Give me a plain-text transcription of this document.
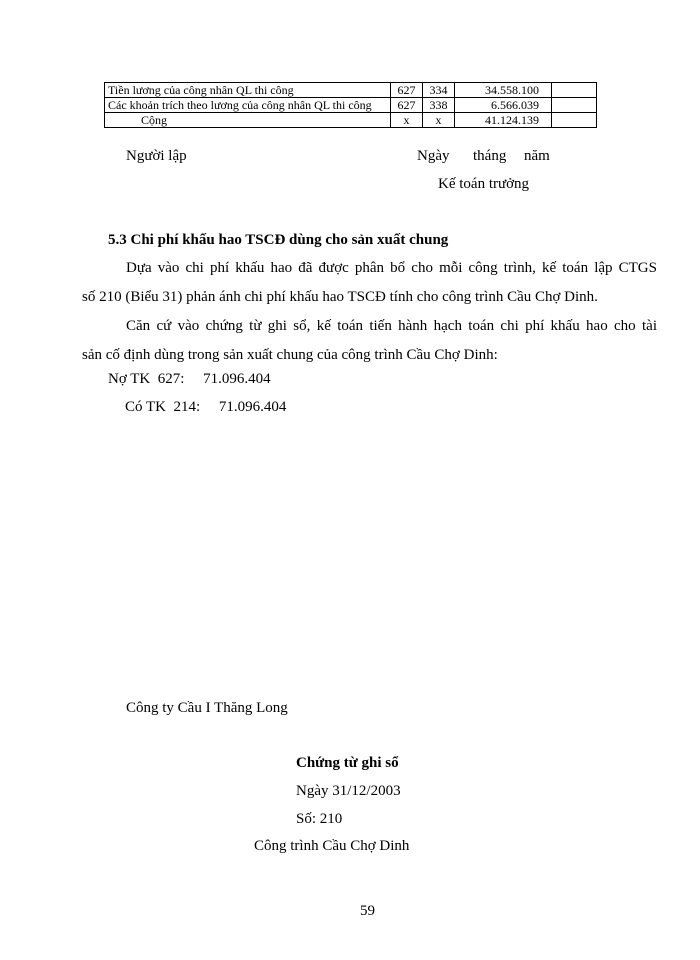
Tiền lương của công nhân QL thi công	627	334	34.558.100	

Các khoản trích theo lương của công nhân QL thi công	627	338	6.566.039	
Cộng	x	x	41.124.139	
Người lập	Ngày tháng năm
Kế toán trưởng
5.3 Chi phí khấu hao TSCĐ dùng cho sản xuất chung
Dựa vào chi phí khấu hao đã được phân bổ cho mỗi công trình, kế toán lập CTGS
số 210 (Biểu 31) phản ánh chi phí khấu hao TSCĐ tính cho công trình Cầu Chợ Dinh.
Căn cứ vào chứng từ ghi sổ, kế toán tiến hành hạch toán chi phí khấu hao cho tài
sản cố định dùng trong sản xuất chung của công trình Cầu Chợ Dinh:
Nợ TK  627:     71.096.404
Có TK  214:     71.096.404
Công ty Cầu I Thăng Long
Chứng từ ghi sổ
Ngày 31/12/2003
Số: 210
Công trình Cầu Chợ Dinh
59
